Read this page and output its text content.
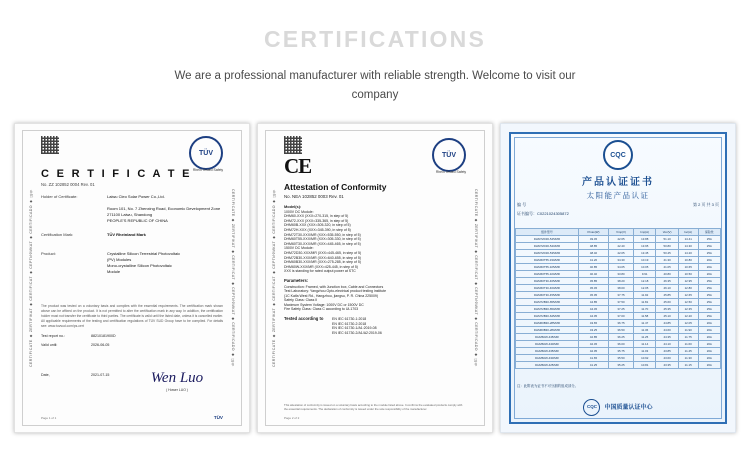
CERTIFICATIONS

We are a professional manufacturer with reliable strength. Welcome to visit our company

CERTIFICATE ◆ ZERTIFIKAT ◆ CERTIFICAT ◆ CEPTИФИКАТ ◆ CERTIFICADO ◆ 证书	CERTIFICATE ◆ ZERTIFIKAT ◆ CERTIFICAT ◆ CEPTИФИКАТ ◆ CERTIFICADO ◆ 证书
TÜV
Rhein Tested Safety
C E R T I F I C A T E
No. ZZ 102852 0004 Rev. 01
Holder of Certificate:	Laiwu Cleo Solar Power Co.,Ltd.
Room 101, No. 7 Zhenxing Road, Economic Development Zone
271100 Laiwu, Shandong
PEOPLE'S REPUBLIC OF CHINA
Certification Mark:	TÜV Rheinland Mark
Product:	Crystalline Silicon Terrestrial Photovoltaic
(PV) Modules
Mono-crystalline Silicon Photovoltaic
Module
The product was tested on a voluntary basis and complies with the essential requirements. The certification mark shown above can be affixed on the product. It is not permitted to alter the certification mark in any way. In addition, the certification holder must not transfer the certificate to third parties. The certificate is valid until the listed date, unless it is cancelled earlier. All applicable requirements of the testing and certification regulations of TÜV SUD Group have to be complied. For details see: www.tuvsud.com/ps-cert
Test report no.:	88210181900D
Valid until:	2026-06-05
Date,	2021-07-15	Wen Luo
( Hower LUO )
Page 1 of 1	TÜV
CERTIFICATE ◆ ZERTIFIKAT ◆ CERTIFICAT ◆ CEPTИФИКАТ ◆ CERTIFICADO ◆ 证书	CERTIFICATE ◆ ZERTIFIKAT ◆ CERTIFICAT ◆ CEPTИФИКАТ ◆ CERTIFICADO ◆ 证书
TÜV
Rhein Tested Safety
CE
Attestation of Conformity
No. NEA 102852 0003 Rev. 01
Model(s):
1000V DC Module:
DHM60-XXX (XXX=270-315, in step of 5)
DHM72-XXX (XXX=335-365, in step of 5)
DHM60B-XXX (XXX=305-320, in step of 5)
DHM72H-XXX (XXX=345-390, in step of 5)
DHM72T30-XXX/MR (XXX=535-550, in step of 5)
DHM60T55-XXX/MR (XXX=305-330, in step of 5)
DHM60T30-XXX/MR (XXX=445-465, in step of 5)
1500V DC Module:
DHM72D30-XXX/MR (XXX=445-465, in step of 5)
DHM72B30-XXX/MR (XXX=640-655, in step of 5)
DHM60B30-XXX/MR (XXX=275-285, in step of 5)
DHM60W-XXX/MR (XXX=425-445, in step of 5)
XXX is standing for rated output power at STC
Parameters:
Construction: Framed, with Junction box, Cable and Connectors
Test Laboratory: Yangzhou Opto-electrical product testing institute
(1C Kaifa West Rd., Hangzhou, jiangsu, P. R. China 225009)
Safety Class: Class II
Maximum System Voltage: 1000V DC or 1500V DC
Fire Safety Class: Class C according to UL1703
Tested according to	EN IEC 61730-1:2018
EN IEC 61730-2:2018
EN IEC 61730-1/A1:2019-08
EN IEC 61730-2/A1/A2:2019-06
This attestation of conformity is issued on a voluntary basis according to the module listed above. It confirms the evaluated products comply with the essential requirements. The declaration of conformity is issued under the sole responsibility of the manufacturer.
Page 2 of 2
CQC
产品认证证书
太阳能产品认证
编 号	第 2 页 共 3 页
证书编号：C0221024305872
组件型号	Pmax(W)	Vmp(V)	Imp(A)	Voc(V)	Isc(A)	保险丝
DHM72D30-545/MR	49.45	42.65	13.88	51.10	14.41	25A
DHM72D30-540/MR	48.85	42.40	13.95	50.80	14.30	25A
DHM72D30-535/MR	48.40	42.05	13.45	50.45	14.20	25A
DHM60T55-330/MR	41.20	34.30	10.19	41.30	10.80	20A
DHM60T55-325/MR	40.85	34.05	10.05	41.05	10.65	20A
DHM60T55-320/MR	40.40	33.80	9.91	40.80	10.50	20A
DHM60T30-465/MR	45.85	38.20	12.18	46.35	12.95	25A
DHM60T30-460/MR	45.45	38.00	12.05	46.10	12.80	25A
DHM60T30-455/MR	45.05	37.75	11.92	45.85	12.65	25A
DHM72B30-655/MR	44.85	37.50	11.81	45.60	12.50	25A
DHM72B30-650/MR	44.45	37.25	11.70	45.35	12.35	25A
DHM72B30-645/MR	44.05	37.00	11.58	45.10	12.20	25A
DHM60B30-285/MR	43.65	36.75	11.47	44.85	12.05	20A
DHM60B30-280/MR	43.25	36.50	11.36	44.60	11.90	20A
DHM60W-445/MR	42.85	36.25	11.25	44.35	11.75	20A
DHM60W-440/MR	42.45	36.00	11.14	44.10	11.60	20A
DHM60W-435/MR	42.05	35.75	11.03	43.85	11.45	20A
DHM60W-430/MR	41.65	35.50	10.92	43.60	11.30	20A
DHM60W-425/MR	41.25	35.25	10.81	43.35	11.15	20A
注：此附表为证书不可分割的组成部分。
CQC 中国质量认证中心
